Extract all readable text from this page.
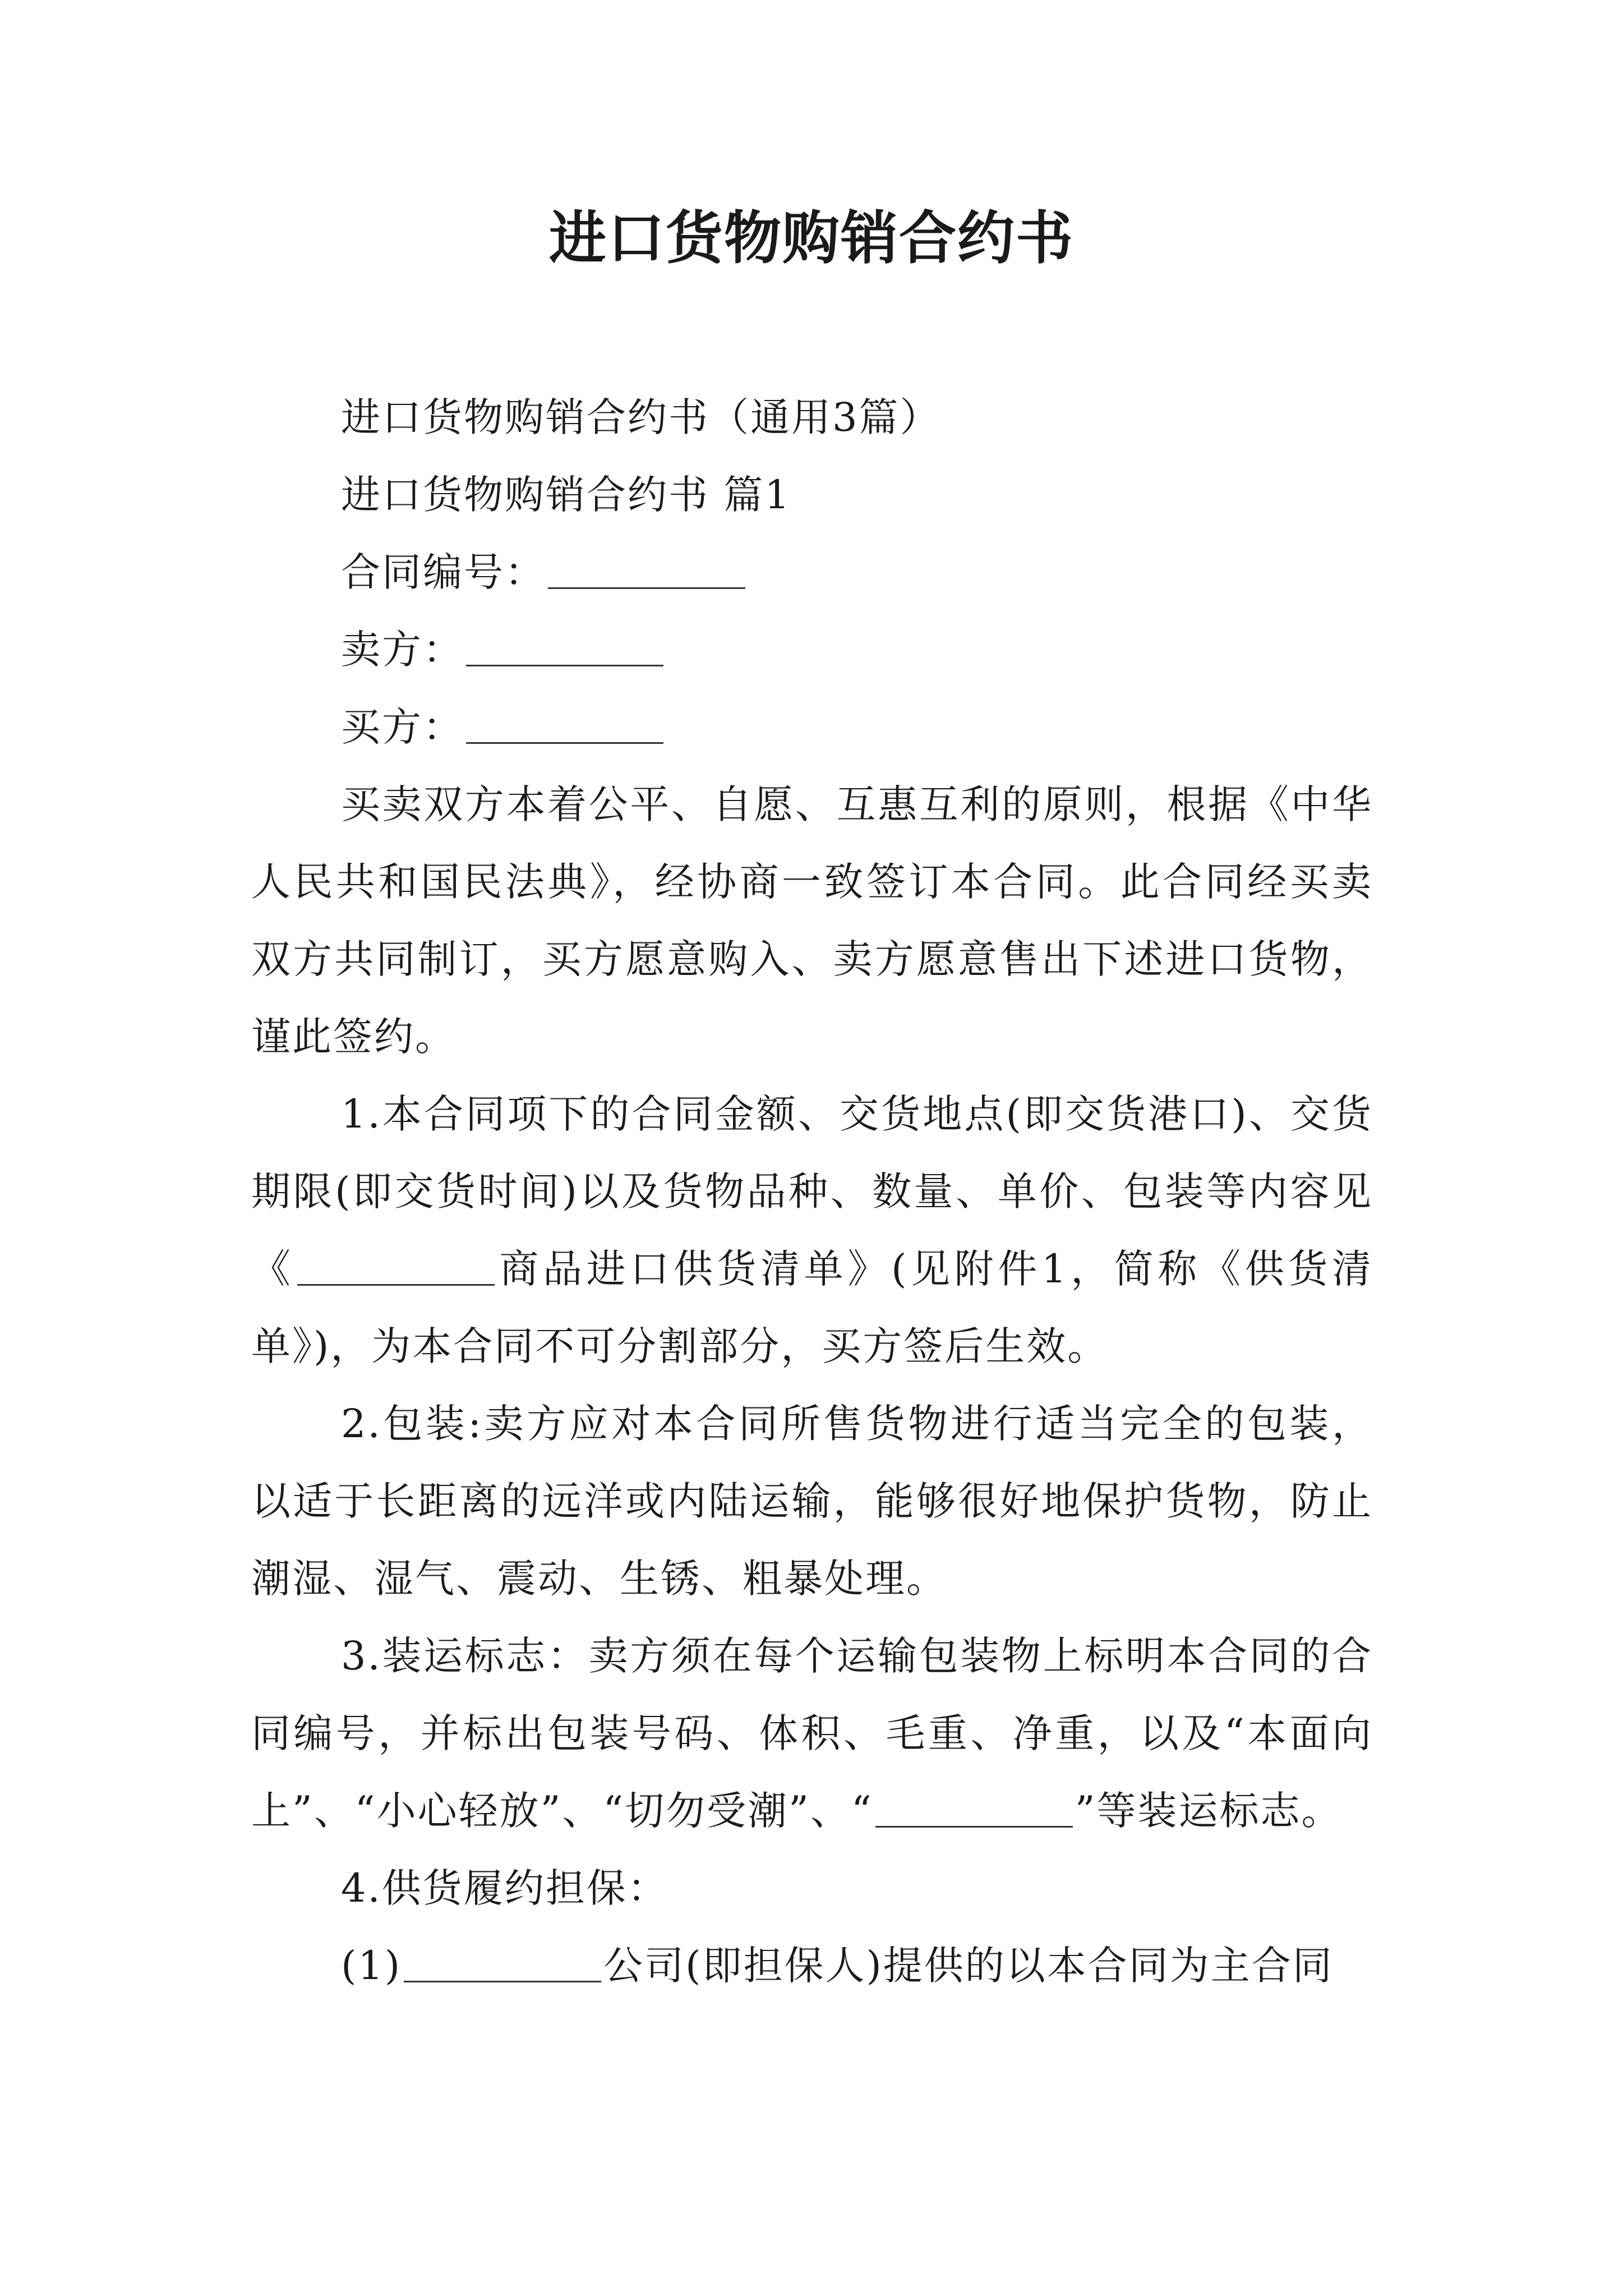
进口货物购销合约书

进口货物购销合约书（通用3篇）

进口货物购销合约书 篇1

合同编号：

卖方：

买方：

买卖双方本着公平、自愿、互惠互利的原则，根据《中华人民共和国民法典》，经协商一致签订本合同。此合同经买卖双方共同制订，买方愿意购入、卖方愿意售出下述进口货物，谨此签约。

1.本合同项下的合同金额、交货地点(即交货港口)、交货期限(即交货时间)以及货物品种、数量、单价、包装等内容见《	商品进口供货清单》(见附件1，简称《供货清单》)，为本合同不可分割部分，买方签后生效。

2.包装:卖方应对本合同所售货物进行适当完全的包装，以适于长距离的远洋或内陆运输，能够很好地保护货物，防止潮湿、湿气、震动、生锈、粗暴处理。

3.装运标志：卖方须在每个运输包装物上标明本合同的合同编号，并标出包装号码、体积、毛重、净重，以及“本面向上”、“小心轻放”、“切勿受潮”、“	”等装运标志。

4.供货履约担保：

(1)	公司(即担保人)提供的以本合同为主合同
